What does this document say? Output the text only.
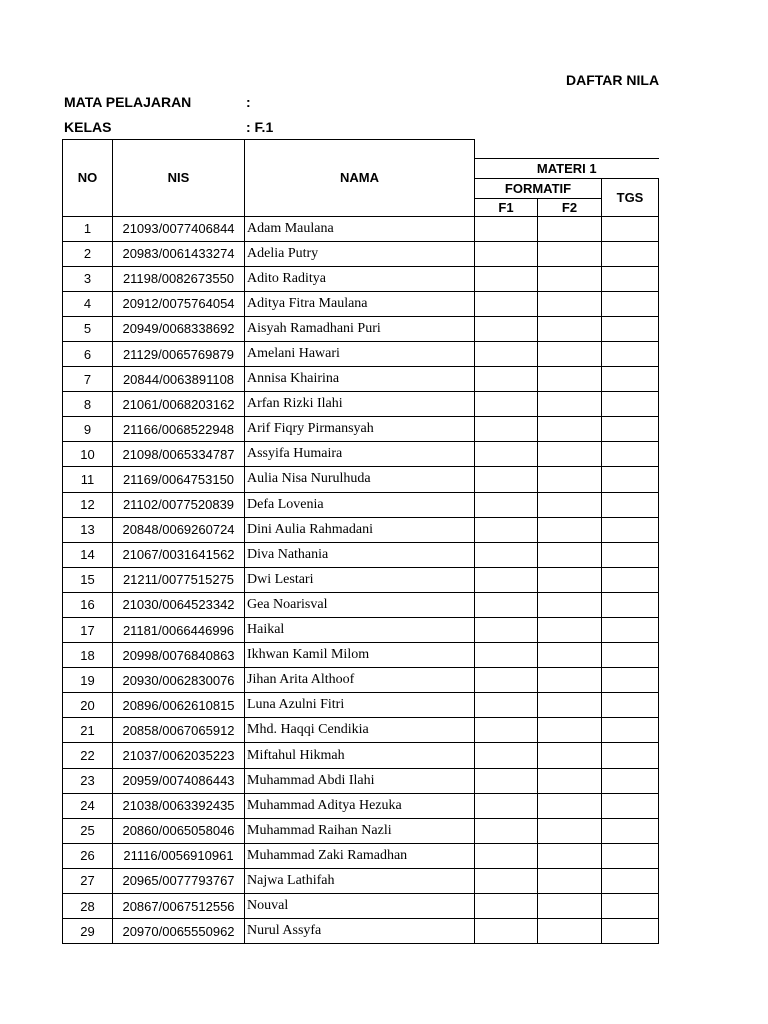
DAFTAR NILA
MATA PELAJARAN	:
KELAS	: F.1
NO	NIS	NAMA			
			MATERI 1		
			FORMATIF		TGS
			F1	F2	
1	21093/0077406844	Adam Maulana			
2	20983/0061433274	Adelia Putry			
3	21198/0082673550	Adito Raditya			
4	20912/0075764054	Aditya Fitra Maulana			
5	20949/0068338692	Aisyah Ramadhani Puri			
6	21129/0065769879	Amelani Hawari			
7	20844/0063891108	Annisa Khairina			
8	21061/0068203162	Arfan Rizki Ilahi			
9	21166/0068522948	Arif Fiqry Pirmansyah			
10	21098/0065334787	Assyifa Humaira			
11	21169/0064753150	Aulia Nisa Nurulhuda			
12	21102/0077520839	Defa Lovenia			
13	20848/0069260724	Dini Aulia Rahmadani			
14	21067/0031641562	Diva Nathania			
15	21211/0077515275	Dwi Lestari			
16	21030/0064523342	Gea Noarisval			
17	21181/0066446996	Haikal			
18	20998/0076840863	Ikhwan Kamil Milom			
19	20930/0062830076	Jihan Arita Althoof			
20	20896/0062610815	Luna Azulni Fitri			
21	20858/0067065912	Mhd. Haqqi Cendikia			
22	21037/0062035223	Miftahul Hikmah			
23	20959/0074086443	Muhammad Abdi Ilahi			
24	21038/0063392435	Muhammad Aditya Hezuka			
25	20860/0065058046	Muhammad Raihan Nazli			
26	21116/0056910961	Muhammad Zaki Ramadhan			
27	20965/0077793767	Najwa Lathifah			
28	20867/0067512556	Nouval			
29	20970/0065550962	Nurul Assyfa			
